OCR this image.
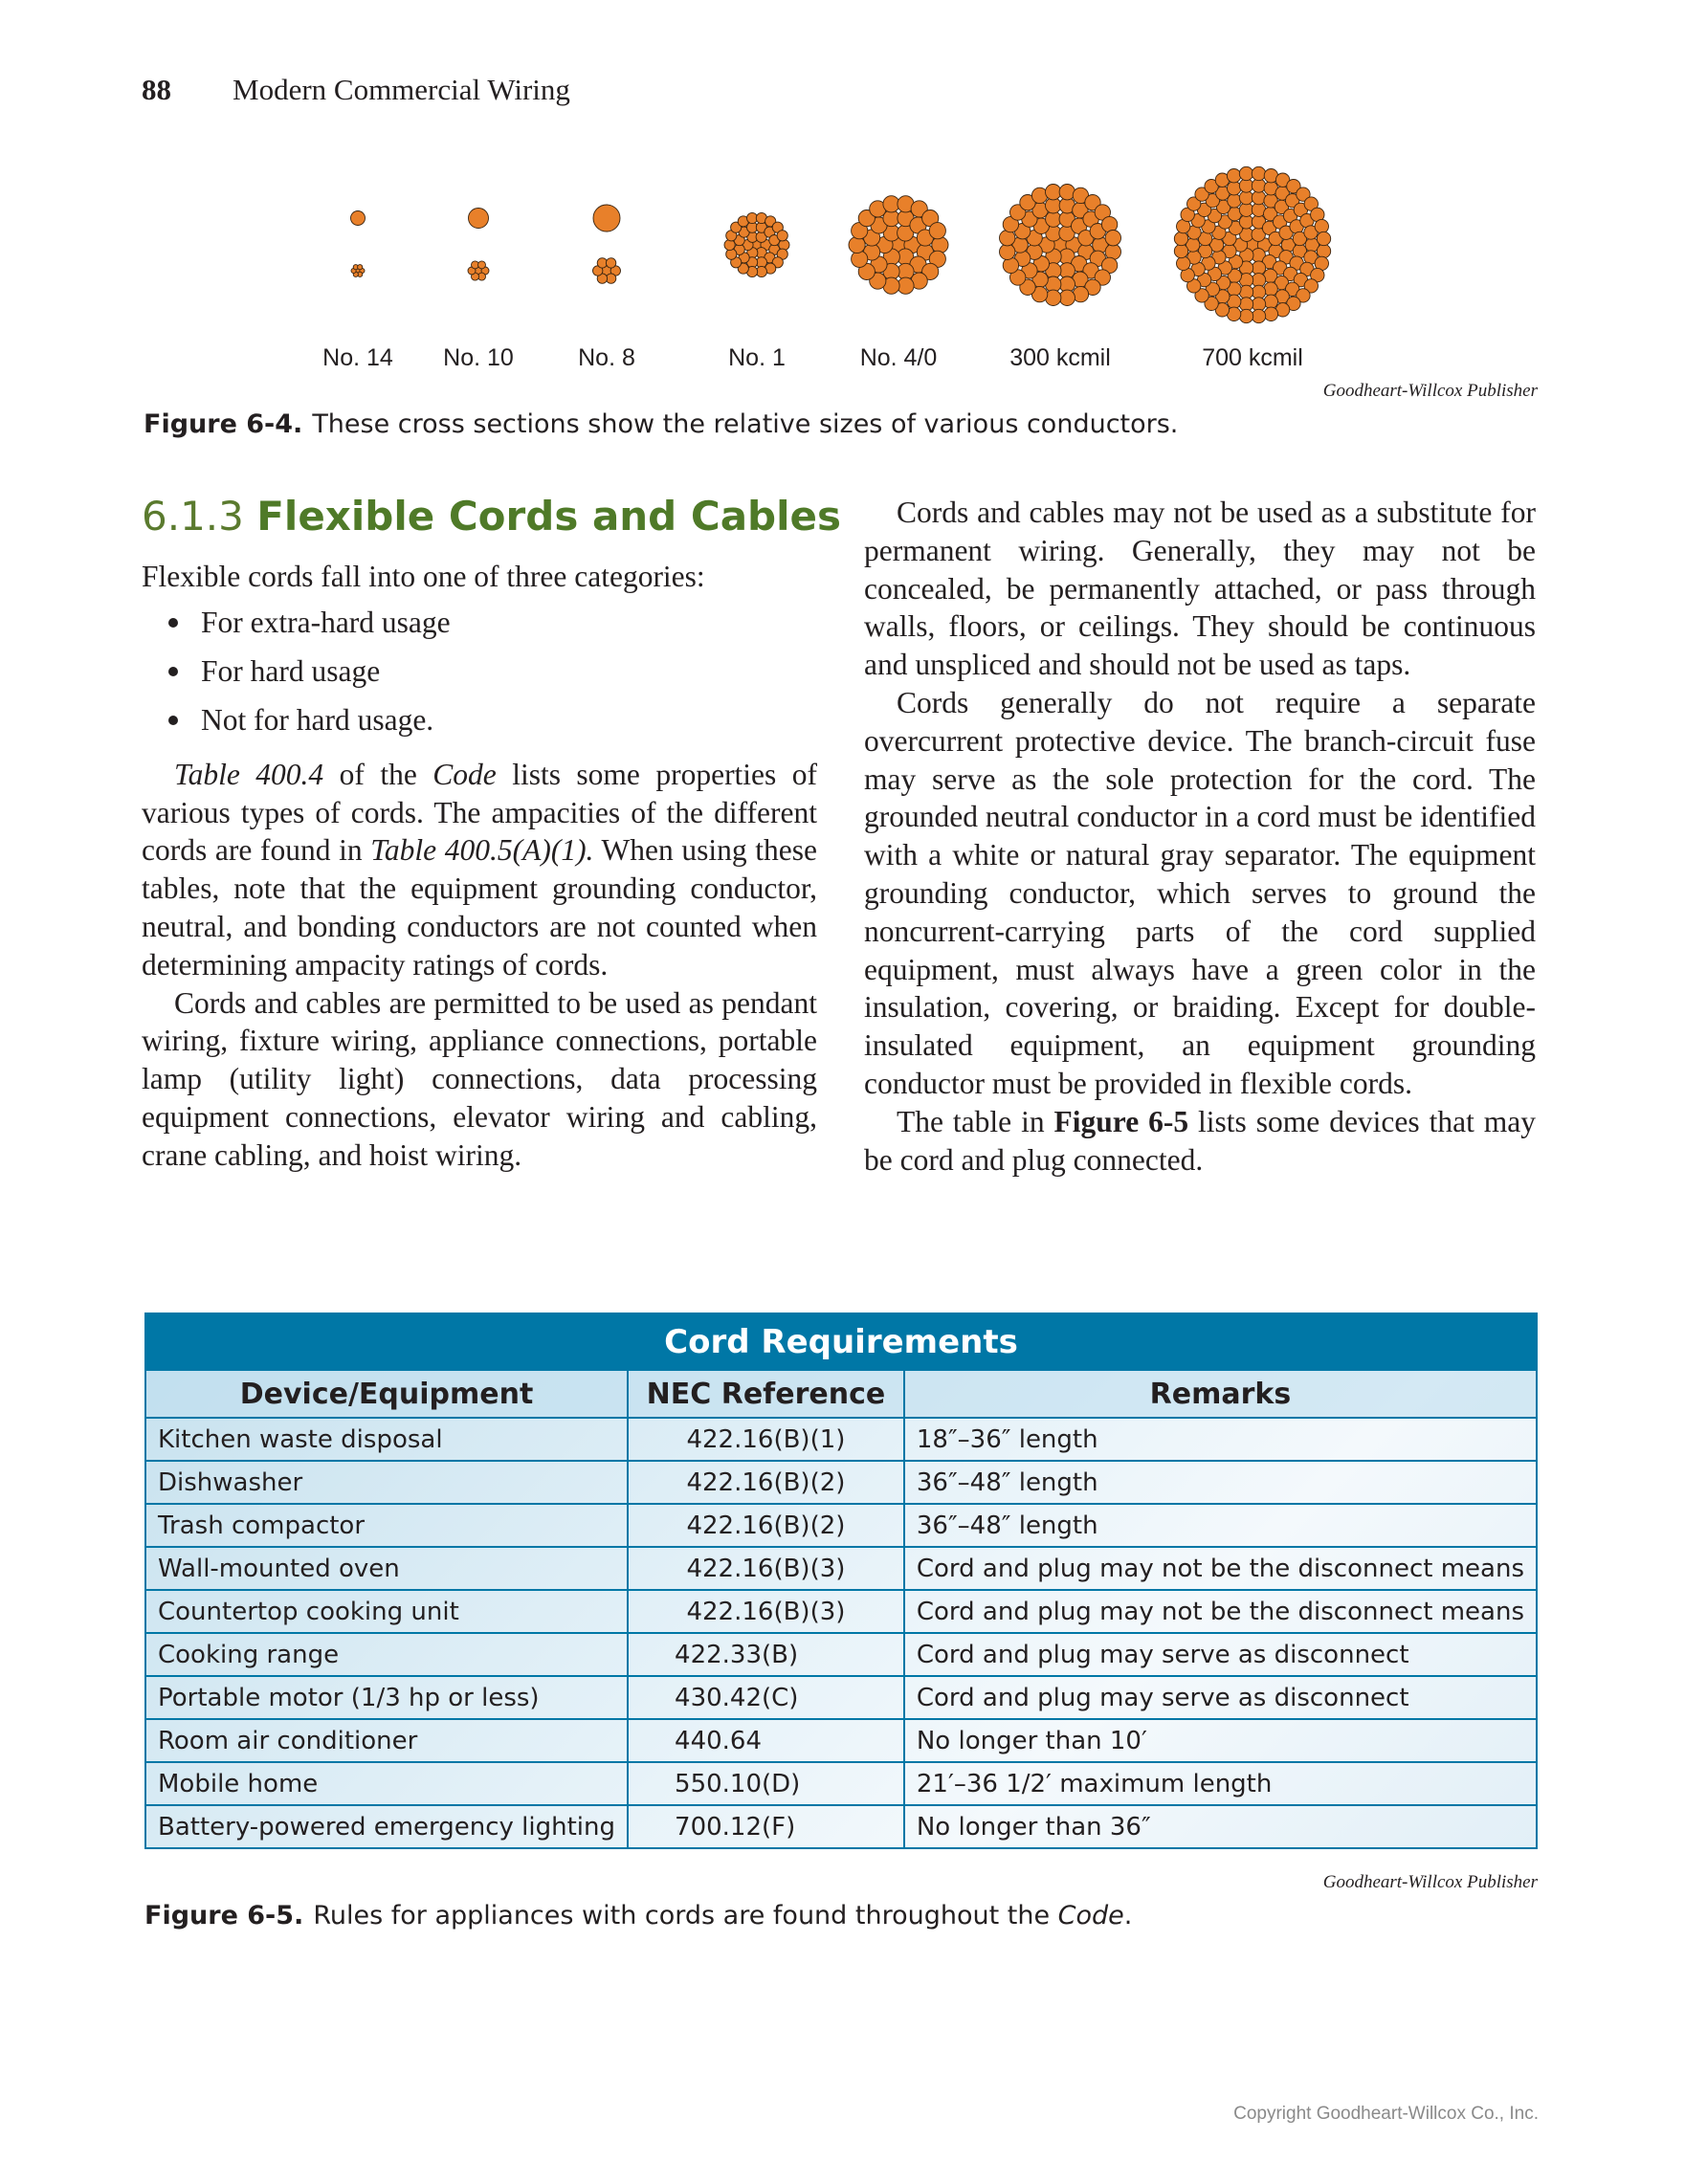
88 Modern Commercial Wiring
No. 14 No. 10	No. 8	No. 1	No. 4/0	300 kcmil	700 kcmil
Goodheart-Willcox Publisher
Figure 6-4. These cross sections show the relative sizes of various conductors.
6.1.3 Flexible Cords and Cables

Flexible cords fall into one of three categories:

For extra-hard usage
For hard usage
Not for hard usage.

Table 400.4 of the Code lists some properties of various types of cords. The ampacities of the different cords are found in Table 400.5(A)(1). When using these tables, note that the equipment grounding conductor, neutral, and bonding conductors are not counted when determining ampacity ratings of cords.

Cords and cables are permitted to be used as pendant wiring, fixture wiring, appliance connections, portable lamp (utility light) connections, data processing equipment connections, elevator wiring and cabling, crane cabling, and hoist wiring.

Cords and cables may not be used as a substitute for permanent wiring. Generally, they may not be concealed, be permanently attached, or pass through walls, floors, or ceilings. They should be continuous and unspliced and should not be used as taps.

Cords generally do not require a separate overcurrent protective device. The branch-circuit fuse may serve as the sole protection for the cord. The grounded neutral conductor in a cord must be identified with a white or natural gray separator. The equipment grounding conductor, which serves to ground the noncurrent-carrying parts of the cord supplied equipment, must always have a green color in the insulation, covering, or braiding. Except for double-insulated equipment, an equipment grounding conductor must be provided in flexible cords.

The table in Figure 6-5 lists some devices that may be cord and plug connected.

Cord Requirements		
Device/Equipment	NEC Reference	Remarks
Kitchen waste disposal	422.16(B)(1)	18″–36″ length
Dishwasher	422.16(B)(2)	36″–48″ length
Trash compactor	422.16(B)(2)	36″–48″ length
Wall-mounted oven	422.16(B)(3)	Cord and plug may not be the disconnect means
Countertop cooking unit	422.16(B)(3)	Cord and plug may not be the disconnect means
Cooking range	422.33(B)	Cord and plug may serve as disconnect
Portable motor (1/3 hp or less)	430.42(C)	Cord and plug may serve as disconnect
Room air conditioner	440.64	No longer than 10′
Mobile home	550.10(D)	21′–36 1/2′ maximum length
Battery-powered emergency lighting	700.12(F)	No longer than 36″
Goodheart-Willcox Publisher
Figure 6-5. Rules for appliances with cords are found throughout the Code.
Copyright Goodheart-Willcox Co., Inc.
